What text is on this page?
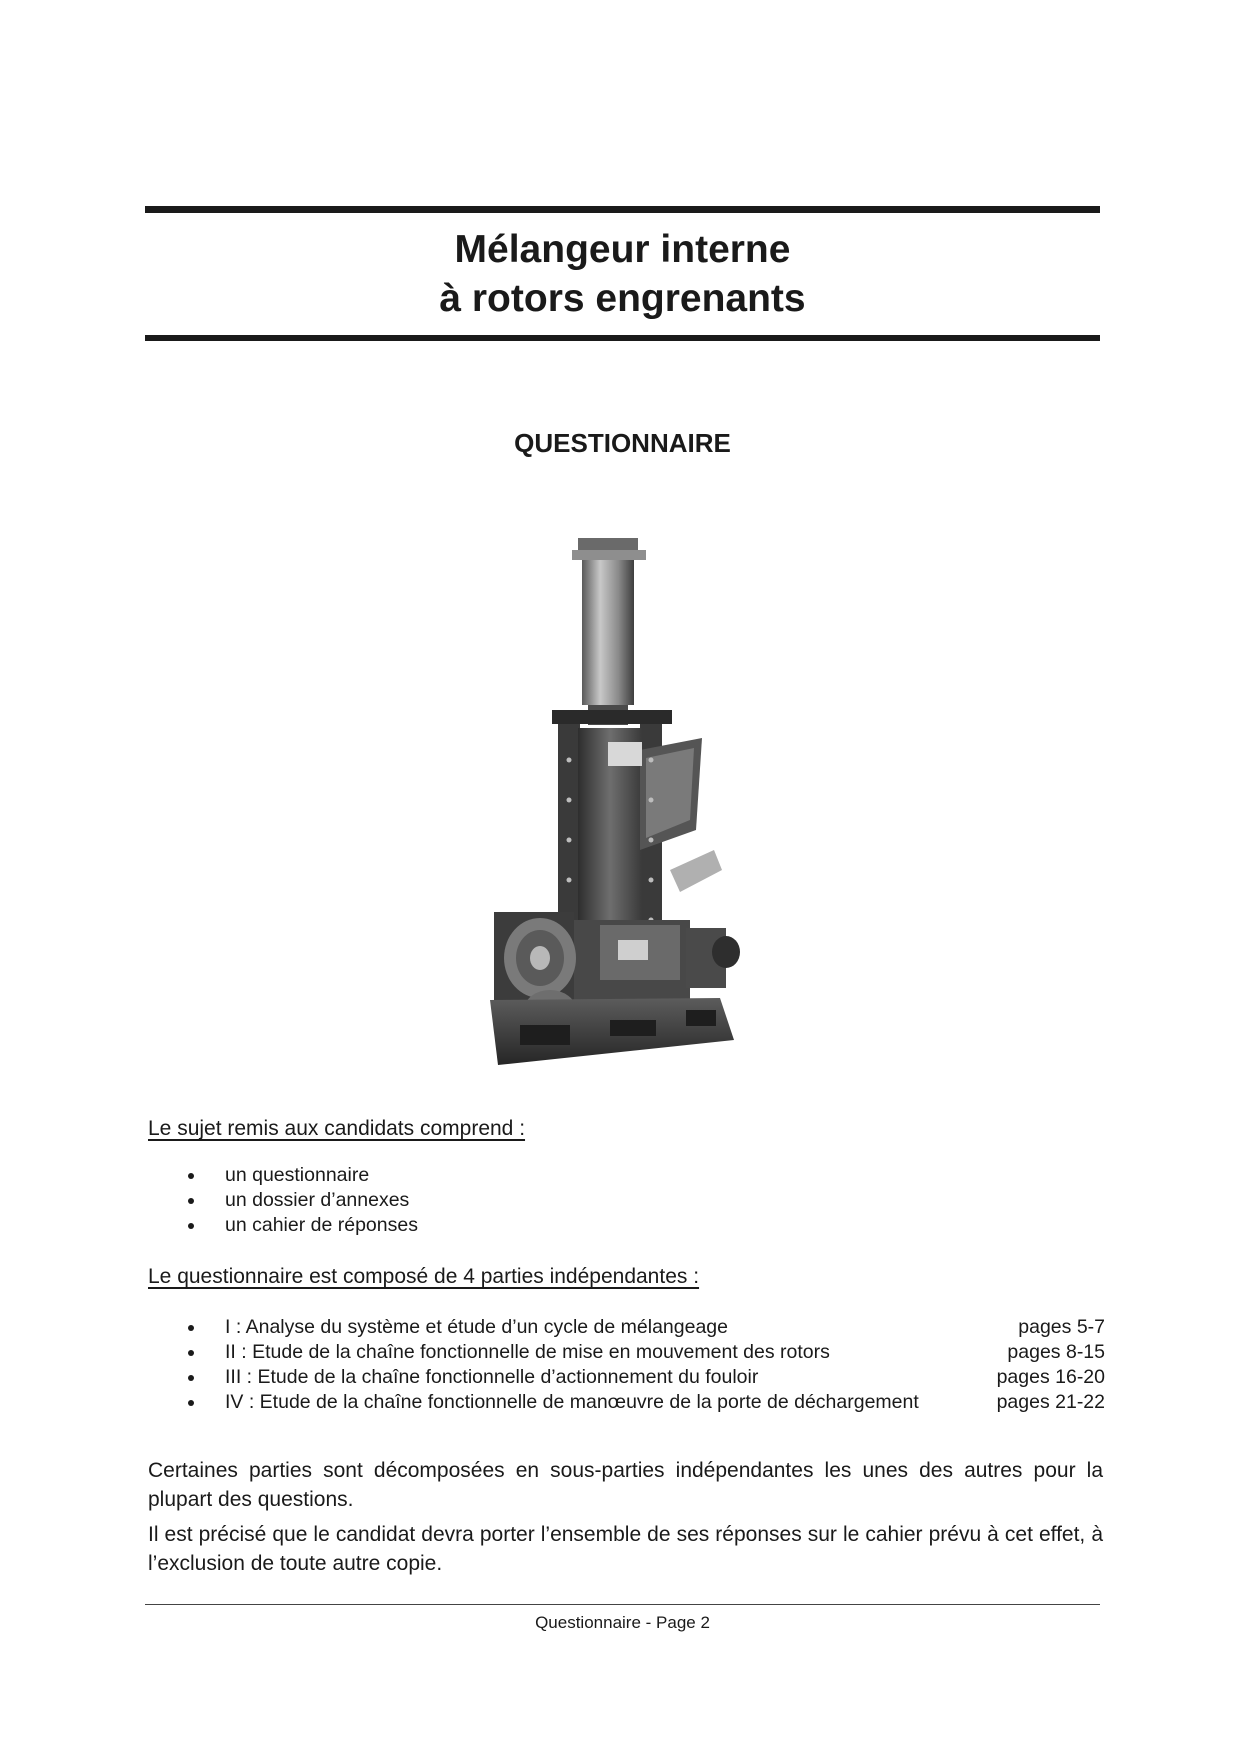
Mélangeur interne
à rotors engrenants
QUESTIONNAIRE
Le sujet remis aux candidats comprend :
un questionnaire
un dossier d’annexes
un cahier de réponses
Le questionnaire est composé de 4 parties indépendantes :
I : Analyse du système et étude d’un cycle de mélangeage	pages 5-7
II : Etude de la chaîne fonctionnelle de mise en mouvement des rotors	pages 8-15
III : Etude de la chaîne fonctionnelle d’actionnement du fouloir	pages 16-20
IV : Etude de la chaîne fonctionnelle de manœuvre de la porte de déchargement	pages 21-22

Certaines parties sont décomposées en sous-parties indépendantes les unes des autres pour la plupart des questions.

Il est précisé que le candidat devra porter l’ensemble de ses réponses sur le cahier prévu à cet effet, à l’exclusion de toute autre copie.

Questionnaire - Page 2
